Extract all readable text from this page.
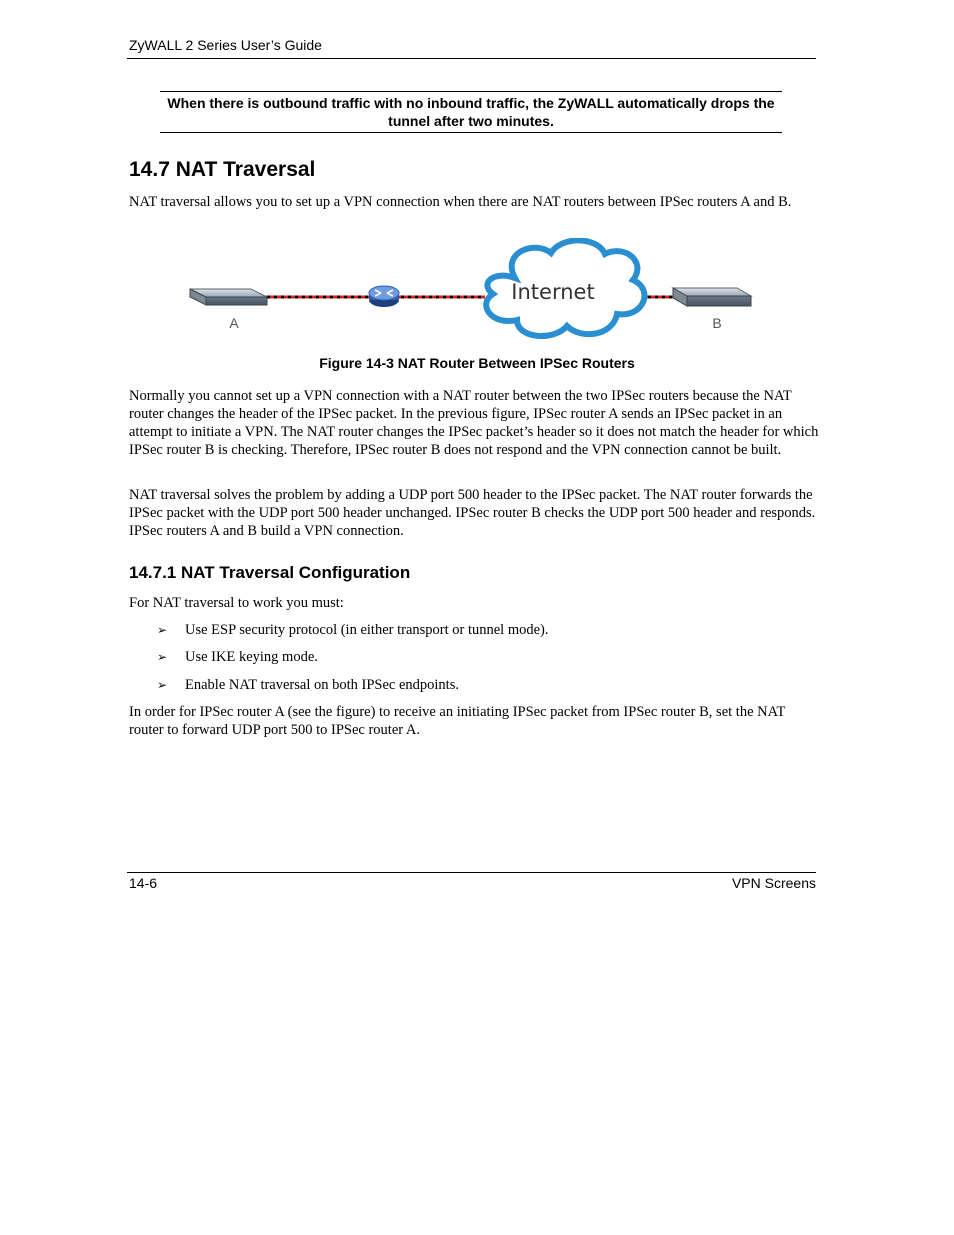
ZyWALL 2 Series User’s Guide
When there is outbound traffic with no inbound traffic, the ZyWALL automatically drops the tunnel after two minutes.
14.7 NAT Traversal
NAT traversal allows you to set up a VPN connection when there are NAT routers between IPSec routers A and B.
A
Internet
B
Figure 14-3 NAT Router Between IPSec Routers
Normally you cannot set up a VPN connection with a NAT router between the two IPSec routers because the NAT router changes the header of the IPSec packet. In the previous figure, IPSec router A sends an IPSec packet in an attempt to initiate a VPN. The NAT router changes the IPSec packet’s header so it does not match the header for which IPSec router B is checking. Therefore, IPSec router B does not respond and the VPN connection cannot be built.
NAT traversal solves the problem by adding a UDP port 500 header to the IPSec packet. The NAT router forwards the IPSec packet with the UDP port 500 header unchanged. IPSec router B checks the UDP port 500 header and responds. IPSec routers A and B build a VPN connection.
14.7.1 NAT Traversal Configuration
For NAT traversal to work you must:
➢ Use ESP security protocol (in either transport or tunnel mode).
➢ Use IKE keying mode.
➢ Enable NAT traversal on both IPSec endpoints.
In order for IPSec router A (see the figure) to receive an initiating IPSec packet from IPSec router B, set the NAT router to forward UDP port 500 to IPSec router A.
14-6	VPN Screens
